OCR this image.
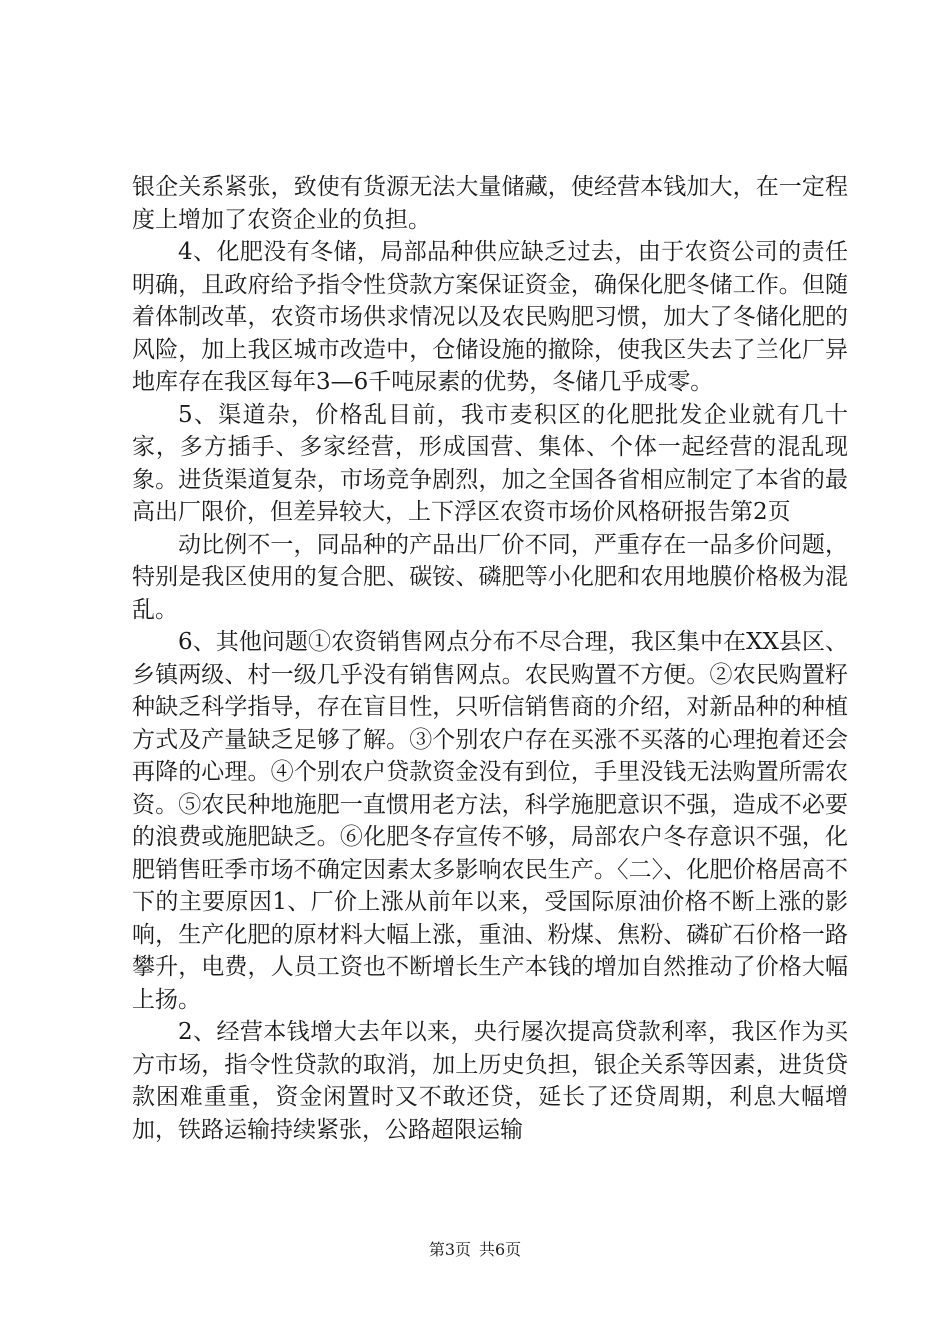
银企关系紧张，致使有货源无法大量储藏，使经营本钱加大，在一定程度上增加了农资企业的负担。

4、化肥没有冬储，局部品种供应缺乏过去，由于农资公司的责任明确，且政府给予指令性贷款方案保证资金，确保化肥冬储工作。但随着体制改革，农资市场供求情况以及农民购肥习惯，加大了冬储化肥的风险，加上我区城市改造中，仓储设施的撤除，使我区失去了兰化厂异地库存在我区每年3—6千吨尿素的优势，冬储几乎成零。

5、渠道杂，价格乱目前，我市麦积区的化肥批发企业就有几十家，多方插手、多家经营，形成国营、集体、个体一起经营的混乱现象。进货渠道复杂，市场竞争剧烈，加之全国各省相应制定了本省的最高出厂限价，但差异较大，上下浮区农资市场价风格研报告第2页

动比例不一，同品种的产品出厂价不同，严重存在一品多价问题，特别是我区使用的复合肥、碳铵、磷肥等小化肥和农用地膜价格极为混乱。

6、其他问题①农资销售网点分布不尽合理，我区集中在XX县区、乡镇两级、村一级几乎没有销售网点。农民购置不方便。②农民购置籽种缺乏科学指导，存在盲目性，只听信销售商的介绍，对新品种的种植方式及产量缺乏足够了解。③个别农户存在买涨不买落的心理抱着还会再降的心理。④个别农户贷款资金没有到位，手里没钱无法购置所需农资。⑤农民种地施肥一直惯用老方法，科学施肥意识不强，造成不必要的浪费或施肥缺乏。⑥化肥冬存宣传不够，局部农户冬存意识不强，化肥销售旺季市场不确定因素太多影响农民生产。〈二〉、化肥价格居高不下的主要原因1、厂价上涨从前年以来，受国际原油价格不断上涨的影响，生产化肥的原材料大幅上涨，重油、粉煤、焦粉、磷矿石价格一路攀升，电费，人员工资也不断增长生产本钱的增加自然推动了价格大幅上扬。

2、经营本钱增大去年以来，央行屡次提高贷款利率，我区作为买方市场，指令性贷款的取消，加上历史负担，银企关系等因素，进货贷款困难重重，资金闲置时又不敢还贷，延长了还贷周期，利息大幅增加，铁路运输持续紧张，公路超限运输

第3页 共6页
